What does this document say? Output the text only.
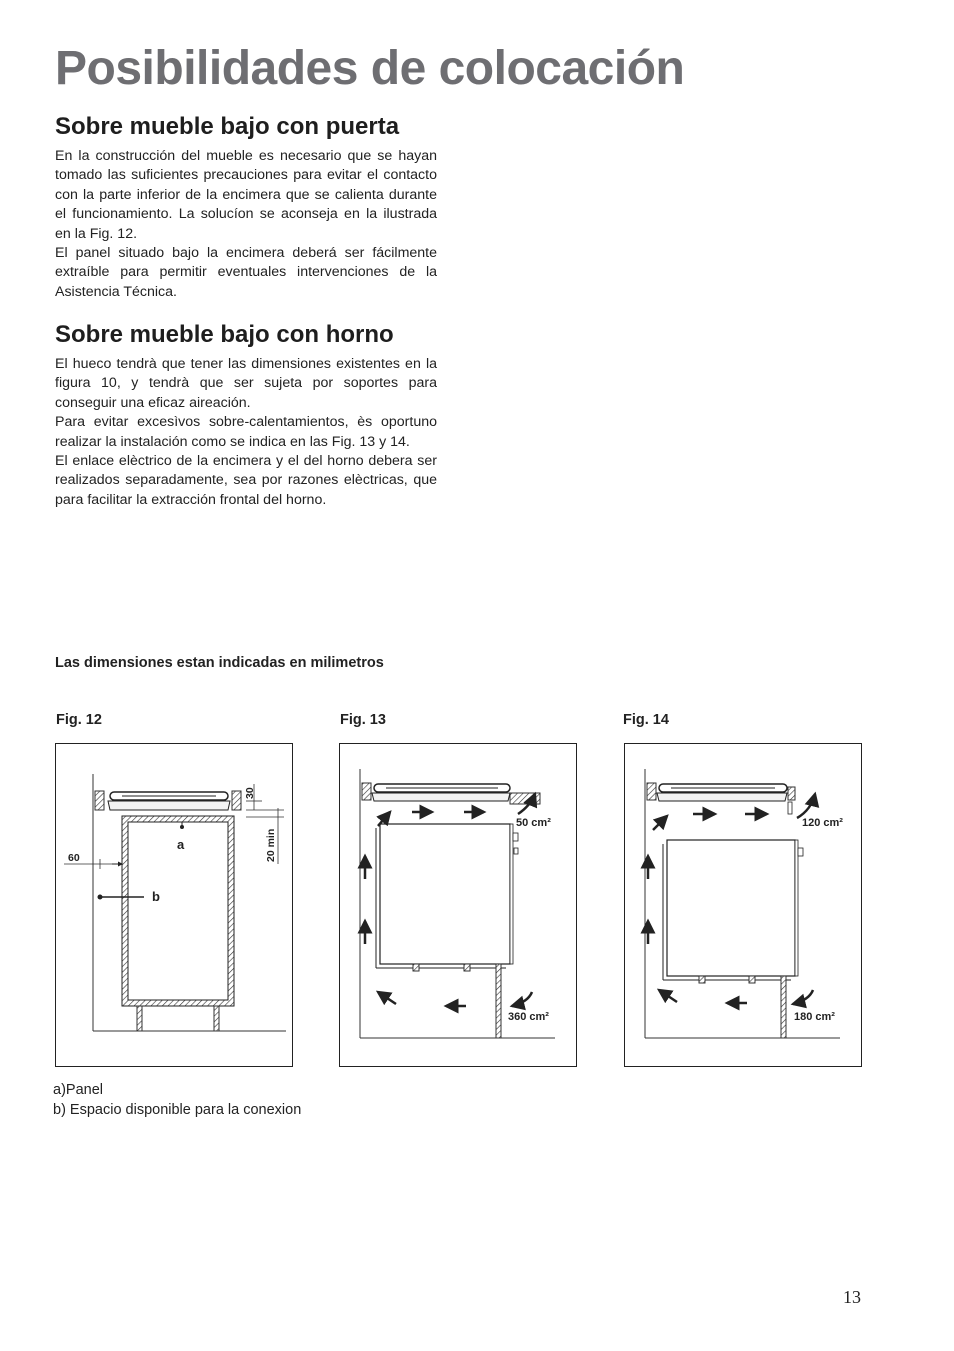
Posibilidades de colocación
Sobre mueble bajo con puerta

En la construcción del mueble es necesario que se hayan tomado las suficientes precauciones para evitar el contacto con la parte inferior de la encimera que se calienta durante el funcionamiento. La solucíon se aconseja en la ilustrada en la Fig. 12.

El panel situado bajo la encimera deberá ser fácilmente extraíble para permitir eventuales intervenciones de la Asistencia Técnica.

Sobre mueble bajo con horno

El hueco tendrà que tener las dimensiones existentes en la figura 10, y tendrà que ser sujeta por soportes para conseguir una eficaz aireación.

Para evitar excesìvos sobre-calentamientos, ès oportuno realizar la instalación como se indica en las Fig. 13 y 14.

El enlace elèctrico de la encimera y el del horno debera ser realizados separadamente, sea por razones elèctricas, que para facilitar la extracción frontal del horno.

Las dimensiones estan indicadas en milimetros
Fig. 12	Fig. 13	Fig. 14
30
20 min
60
a
b
50 cm²
360 cm²
120 cm²
180 cm²
a)Panel
b) Espacio disponible para la conexion
13
